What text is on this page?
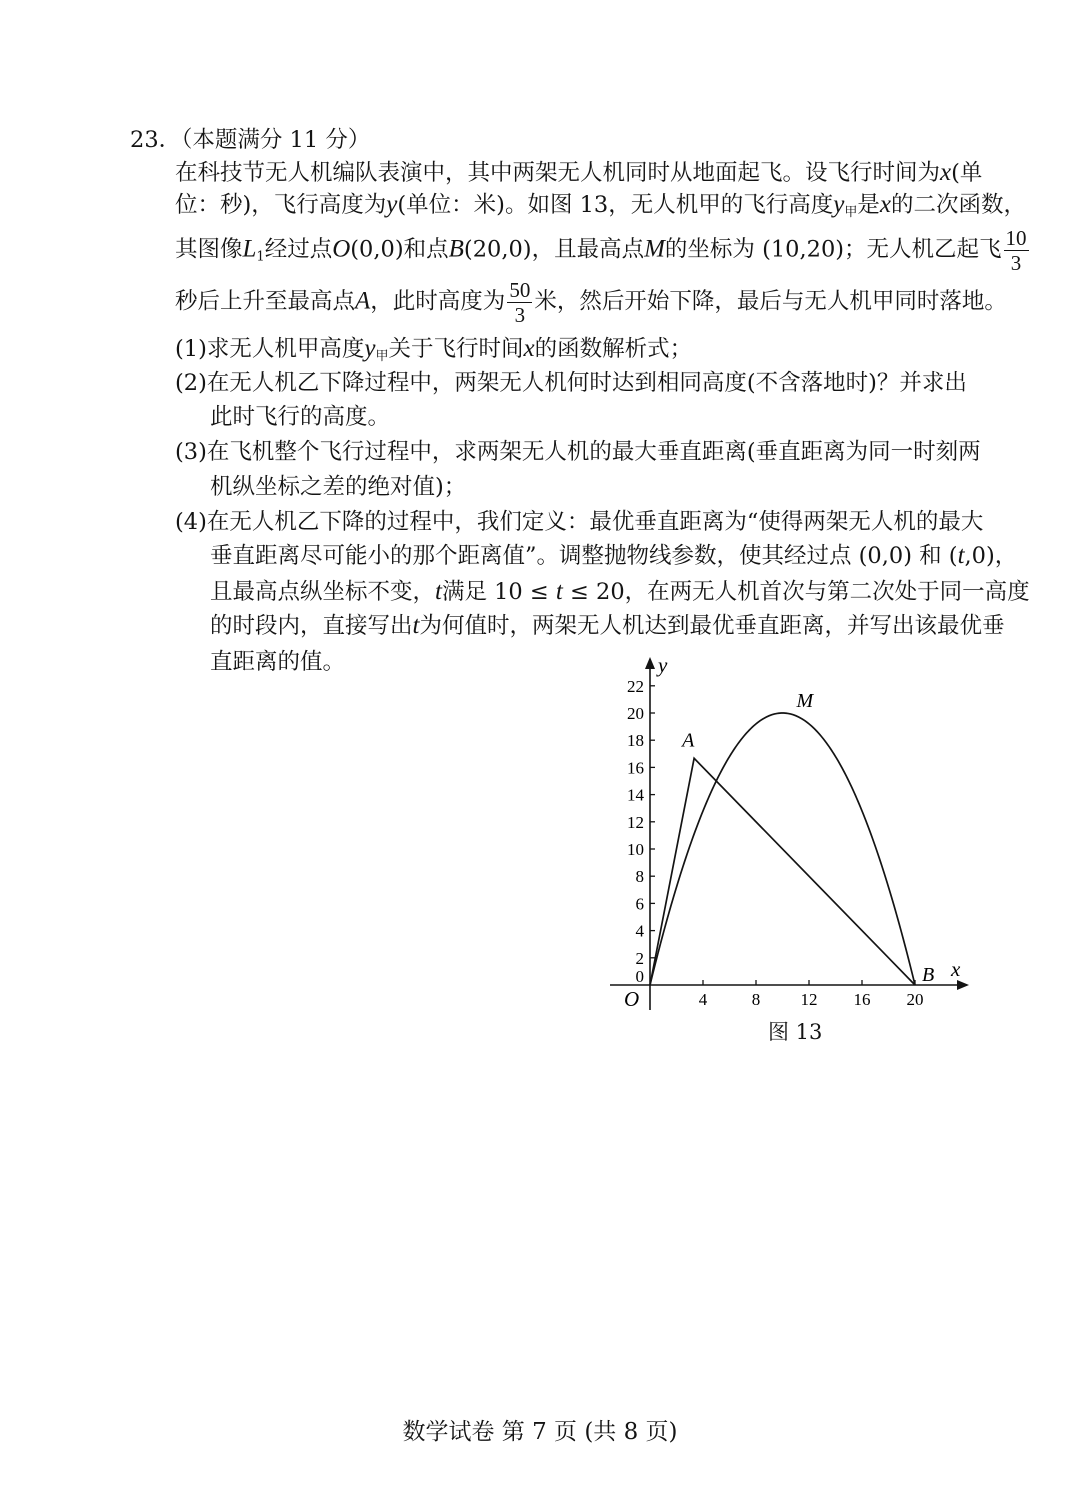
23．（本题满分 11 分）
在科技节无人机编队表演中，其中两架无人机同时从地面起飞。设飞行时间为x(单
位：秒)，飞行高度为y(单位：米)。如图 13，无人机甲的飞行高度$y_甲$是x的二次函数，
其图像$L_1$经过点O(0,0)和点B(20,0)，且最高点M的坐标为 (10,20)；无人机乙起飞 $\frac{10}{3}$
秒后上升至最高点A，此时高度为 $\frac{50}{3}$ 米，然后开始下降，最后与无人机甲同时落地。
(1)求无人机甲高度$y_甲$关于飞行时间x的函数解析式；
(2)在无人机乙下降过程中，两架无人机何时达到相同高度(不含落地时)？并求出
此时飞行的高度。
(3)在飞机整个飞行过程中，求两架无人机的最大垂直距离(垂直距离为同一时刻两
机纵坐标之差的绝对值)；
(4)在无人机乙下降的过程中，我们定义：最优垂直距离为“使得两架无人机的最大
垂直距离尽可能小的那个距离值”。调整抛物线参数，使其经过点 (0,0) 和 (t,0)，
且最高点纵坐标不变，t满足 10 ≤ t ≤ 20，在两无人机首次与第二次处于同一高度
的时段内，直接写出t为何值时，两架无人机达到最优垂直距离，并写出该最优垂
直距离的值。
x
y
O	4	8 12 16 20
0
2
4
6
8
10
12
14
16
18
20
22
A
M
B
图 13
数学试卷 第 7 页 (共 8 页)
